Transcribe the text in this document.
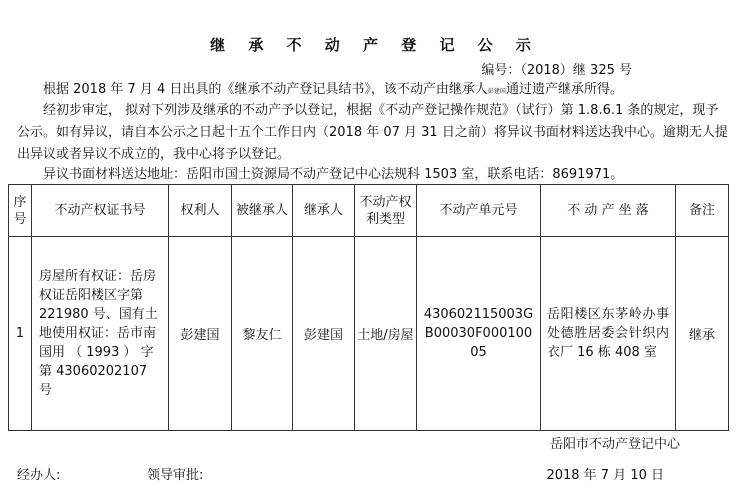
继 承 不 动 产 登 记 公 示
编号：（2018）继 325 号
根据 2018 年 7 月 4 日出具的《继承不动产登记具结书》，该不动产由继承人彭建国通过遗产继承所得。
经初步审定， 拟对下列涉及继承的不动产予以登记，根据《不动产登记操作规范》（试行）第 1.8.6.1 条的规定，现予公示。如有异议，请自本公示之日起十五个工作日内（2018 年 07 月 31 日之前）将异议书面材料送达我中心。逾期无人提出异议或者异议不成立的，我中心将予以登记。
异议书面材料送达地址：岳阳市国土资源局不动产登记中心法规科 1503 室，联系电话：8691971。
序号	不动产权证书号	权利人	被继承人	继承人	不动产权利类型	不动产单元号	不 动 产 坐 落	备注
1	房屋所有权证：岳房权证岳阳楼区字第 221980 号、国有土地使用权证：岳市南国用 （ 1993 ） 字 第 43060202107 号	彭建国	黎友仁	彭建国	土地/房屋	430602115003GB00030F00010005	岳阳楼区东茅岭办事处德胜居委会针织内衣厂 16 栋 408 室	继承
岳阳市不动产登记中心
经办人:	领导审批:	2018 年 7 月 10 日
